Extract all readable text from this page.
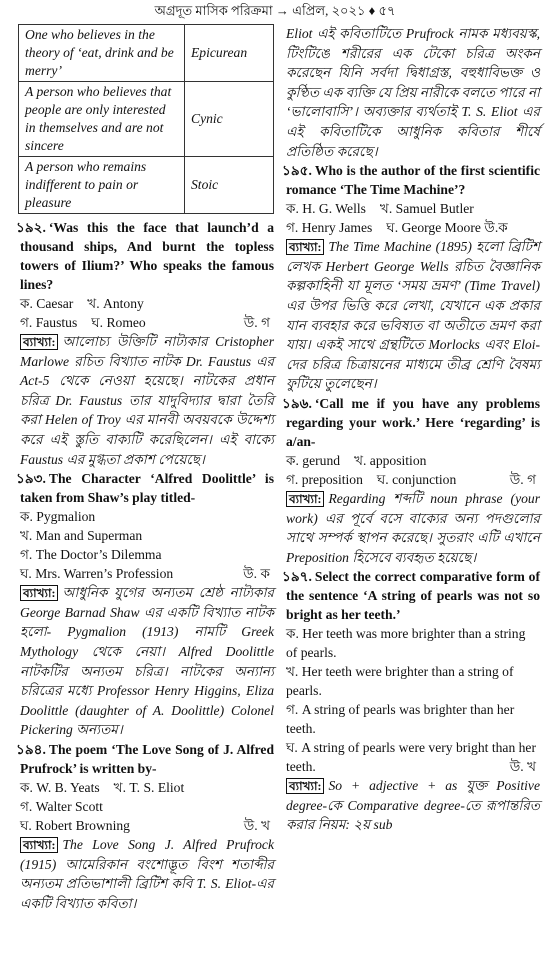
অগ্রদূত মাসিক পরিক্রমা → এপ্রিল, ২০২১ ♦ ৫৭
One who believes in the theory of ‘eat, drink and be merry’	Epicurean
A person who believes that people are only interested in themselves and are not sincere	Cynic
A person who remains indifferent to pain or pleasure	Stoic
১৯২. ‘Was this the face that launch’d a thousand ships, And burnt the topless towers of Ilium?’ Who speaks the famous lines?
ক. Caesar খ. Antony
গ. Faustus ঘ. Romeo	উ. গ
ব্যাখ্যা: আলোচ্য উক্তিটি নাট্যকার Cristopher Marlowe রচিত বিখ্যাত নাটক Dr. Faustus এর Act-5 থেকে নেওয়া হয়েছে। নাটকের প্রধান চরিত্র Dr. Faustus তার যাদুবিদ্যার দ্বারা তৈরি করা Helen of Troy এর মানবী অবয়বকে উদ্দেশ্য করে এই স্তুতি বাক্যটি করেছিলেন। এই বাক্যে Faustus এর মুগ্ধতা প্রকাশ পেয়েছে।
১৯৩. The Character ‘Alfred Doolittle’ is taken from Shaw’s play titled-
ক. Pygmalion
খ. Man and Superman
গ. The Doctor’s Dilemma
ঘ. Mrs. Warren’s Profession	উ. ক
ব্যাখ্যা: আধুনিক যুগের অন্যতম শ্রেষ্ঠ নাট্যকার George Barnad Shaw এর একটি বিখ্যাত নাটক হলো- Pygmalion (1913) নামটি Greek Mythology থেকে নেয়া। Alfred Doolittle নাটকটির অন্যতম চরিত্র। নাটকের অন্যান্য চরিত্রের মধ্যে Professor Henry Higgins, Eliza Doolittle (daughter of A. Doolittle) Colonel Pickering অন্যতম।
১৯৪. The poem ‘The Love Song of J. Alfred Prufrock’ is written by-
ক. W. B. Yeats খ. T. S. Eliot
গ. Walter Scott
ঘ. Robert Browning	উ. খ
ব্যাখ্যা: The Love Song J. Alfred Prufrock (1915) আমেরিকান বংশোদ্ভূত বিংশ শতাব্দীর অন্যতম প্রতিভাশালী ব্রিটিশ কবি T. S. Eliot-এর একটি বিখ্যাত কবিতা।
Eliot এই কবিতাটিতে Prufrock নামক মধ্যবয়স্ক, টিংটিঙে শরীরের এক টেকো চরিত্র অংকন করেছেন যিনি সর্বদা দ্বিধাগ্রস্ত, বহুধাবিভক্ত ও কুণ্ঠিত এক ব্যক্তি যে প্রিয় নারীকে বলতে পারে না ‘ভালোবাসি’। অব্যক্তার ব্যর্থতাই T. S. Eliot এর এই কবিতাটিকে আধুনিক কবিতার শীর্ষে প্রতিষ্ঠিত করেছে।
১৯৫. Who is the author of the first scientific romance ‘The Time Machine’?
ক. H. G. Wells খ. Samuel Butler
গ. Henry James ঘ. George Moore উ.ক
ব্যাখ্যা: The Time Machine (1895) হলো ব্রিটিশ লেখক Herbert George Wells রচিত বৈজ্ঞানিক কল্পকাহিনী যা মূলত ‘সময় ভ্রমণ’ (Time Travel) এর উপর ভিত্তি করে লেখা, যেখানে এক প্রকার যান ব্যবহার করে ভবিষ্যত বা অতীতে ভ্রমণ করা যায়। একই সাথে গ্রন্থটিতে Morlocks এবং Eloi-দের চরিত্র চিত্রায়নের মাধ্যমে তীব্র শ্রেণি বৈষম্য ফুটিয়ে তুলেছেন।
১৯৬. ‘Call me if you have any problems regarding your work.’ Here ‘regarding’ is a/an-
ক. gerund খ. apposition
গ. preposition ঘ. conjunction	উ. গ
ব্যাখ্যা: Regarding শব্দটি noun phrase (your work) এর পূর্বে বসে বাক্যের অন্য পদগুলোর সাথে সম্পর্ক স্থাপন করেছে। সুতরাং এটি এখানে Preposition হিসেবে ব্যবহৃত হয়েছে।
১৯৭. Select the correct comparative form of the sentence ‘A string of pearls was not so bright as her teeth.’
ক. Her teeth was more brighter than a string of pearls.
খ. Her teeth were brighter than a string of pearls.
গ. A string of pearls was brighter than her teeth.
ঘ. A string of pearls were very bright than her teeth.	উ. খ
ব্যাখ্যা: So + adjective + as যুক্ত Positive degree-কে Comparative degree-তে রূপান্তরিত করার নিয়ম: ২য় sub
